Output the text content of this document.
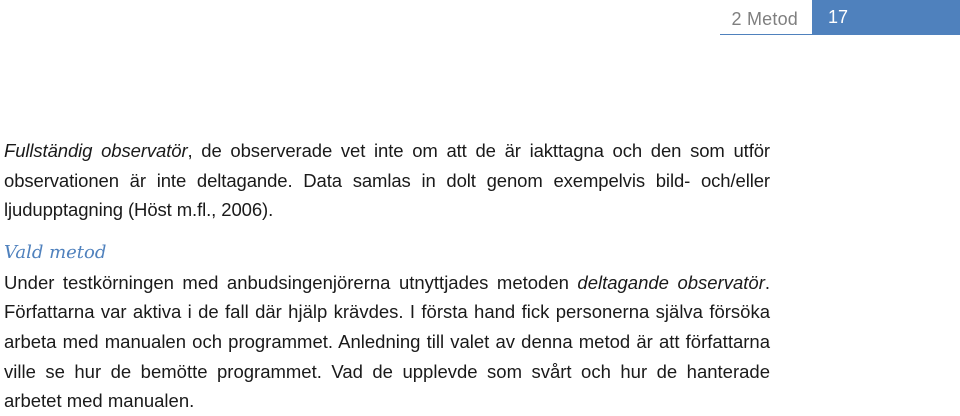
2 Metod	17

Fullständig observatör, de observerade vet inte om att de är iakttagna och den som utför observationen är inte deltagande. Data samlas in dolt genom exempelvis bild- och/eller ljudupptagning (Höst m.fl., 2006).

Vald metod

Under testkörningen med anbudsingenjörerna utnyttjades metoden deltagande observatör. Författarna var aktiva i de fall där hjälp krävdes. I första hand fick personerna själva försöka arbeta med manualen och programmet. Anledning till valet av denna metod är att författarna ville se hur de bemötte programmet. Vad de upplevde som svårt och hur de hanterade arbetet med manualen.
